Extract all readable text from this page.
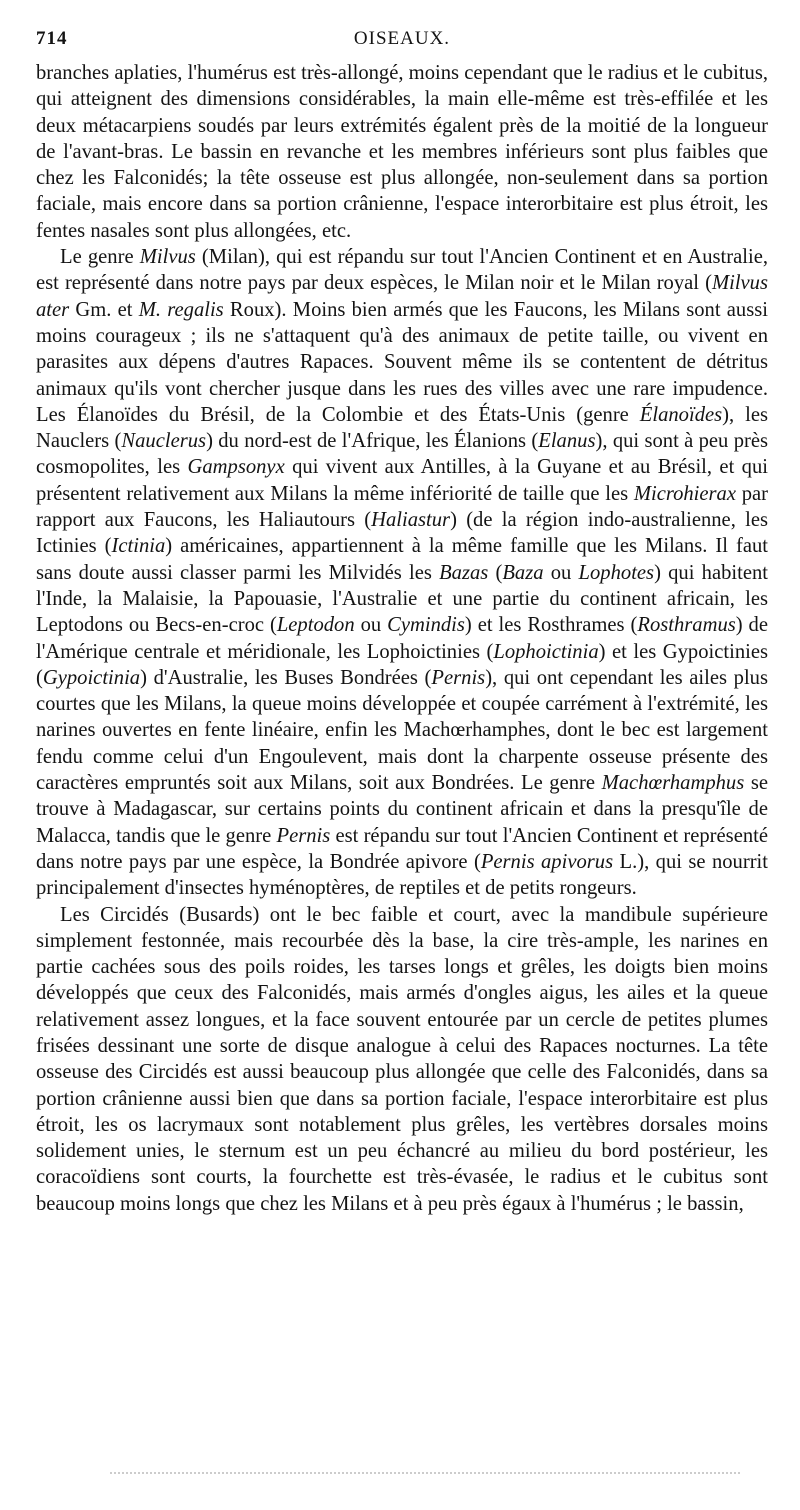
714	OISEAUX.

branches aplaties, l'humérus est très-allongé, moins cependant que le radius et le cubitus, qui atteignent des dimensions considérables, la main elle-même est très-effilée et les deux métacarpiens soudés par leurs extrémités égalent près de la moitié de la longueur de l'avant-bras. Le bassin en revanche et les membres inférieurs sont plus faibles que chez les Falconidés; la tête osseuse est plus allongée, non-seulement dans sa portion faciale, mais encore dans sa portion crânienne, l'espace interorbitaire est plus étroit, les fentes nasales sont plus allongées, etc.

Le genre Milvus (Milan), qui est répandu sur tout l'Ancien Continent et en Australie, est représenté dans notre pays par deux espèces, le Milan noir et le Milan royal (Milvus ater Gm. et M. regalis Roux). Moins bien armés que les Faucons, les Milans sont aussi moins courageux ; ils ne s'attaquent qu'à des animaux de petite taille, ou vivent en parasites aux dépens d'autres Rapaces. Souvent même ils se contentent de détritus animaux qu'ils vont chercher jusque dans les rues des villes avec une rare impudence. Les Élanoïdes du Brésil, de la Colombie et des États-Unis (genre Élanoïdes), les Nauclers (Nauclerus) du nord-est de l'Afrique, les Élanions (Elanus), qui sont à peu près cosmopolites, les Gampsonyx qui vivent aux Antilles, à la Guyane et au Brésil, et qui présentent relativement aux Milans la même infériorité de taille que les Microhierax par rapport aux Faucons, les Haliautours (Haliastur) (de la région indo-australienne, les Ictinies (Ictinia) américaines, appartiennent à la même famille que les Milans. Il faut sans doute aussi classer parmi les Milvidés les Bazas (Baza ou Lophotes) qui habitent l'Inde, la Malaisie, la Papouasie, l'Australie et une partie du continent africain, les Leptodons ou Becs-en-croc (Leptodon ou Cymindis) et les Rosthrames (Rosthramus) de l'Amérique centrale et méridionale, les Lophoictinies (Lophoictinia) et les Gypoictinies (Gypoictinia) d'Australie, les Buses Bondrées (Pernis), qui ont cependant les ailes plus courtes que les Milans, la queue moins développée et coupée carrément à l'extrémité, les narines ouvertes en fente linéaire, enfin les Machœrhamphes, dont le bec est largement fendu comme celui d'un Engoulevent, mais dont la charpente osseuse présente des caractères empruntés soit aux Milans, soit aux Bondrées. Le genre Machœrhamphus se trouve à Madagascar, sur certains points du continent africain et dans la presqu'île de Malacca, tandis que le genre Pernis est répandu sur tout l'Ancien Continent et représenté dans notre pays par une espèce, la Bondrée apivore (Pernis apivorus L.), qui se nourrit principalement d'insectes hyménoptères, de reptiles et de petits rongeurs.

Les Circidés (Busards) ont le bec faible et court, avec la mandibule supérieure simplement festonnée, mais recourbée dès la base, la cire très-ample, les narines en partie cachées sous des poils roides, les tarses longs et grêles, les doigts bien moins développés que ceux des Falconidés, mais armés d'ongles aigus, les ailes et la queue relativement assez longues, et la face souvent entourée par un cercle de petites plumes frisées dessinant une sorte de disque analogue à celui des Rapaces nocturnes. La tête osseuse des Circidés est aussi beaucoup plus allongée que celle des Falconidés, dans sa portion crânienne aussi bien que dans sa portion faciale, l'espace interorbitaire est plus étroit, les os lacrymaux sont notablement plus grêles, les vertèbres dorsales moins solidement unies, le sternum est un peu échancré au milieu du bord postérieur, les coracoïdiens sont courts, la fourchette est très-évasée, le radius et le cubitus sont beaucoup moins longs que chez les Milans et à peu près égaux à l'humérus ; le bassin,
